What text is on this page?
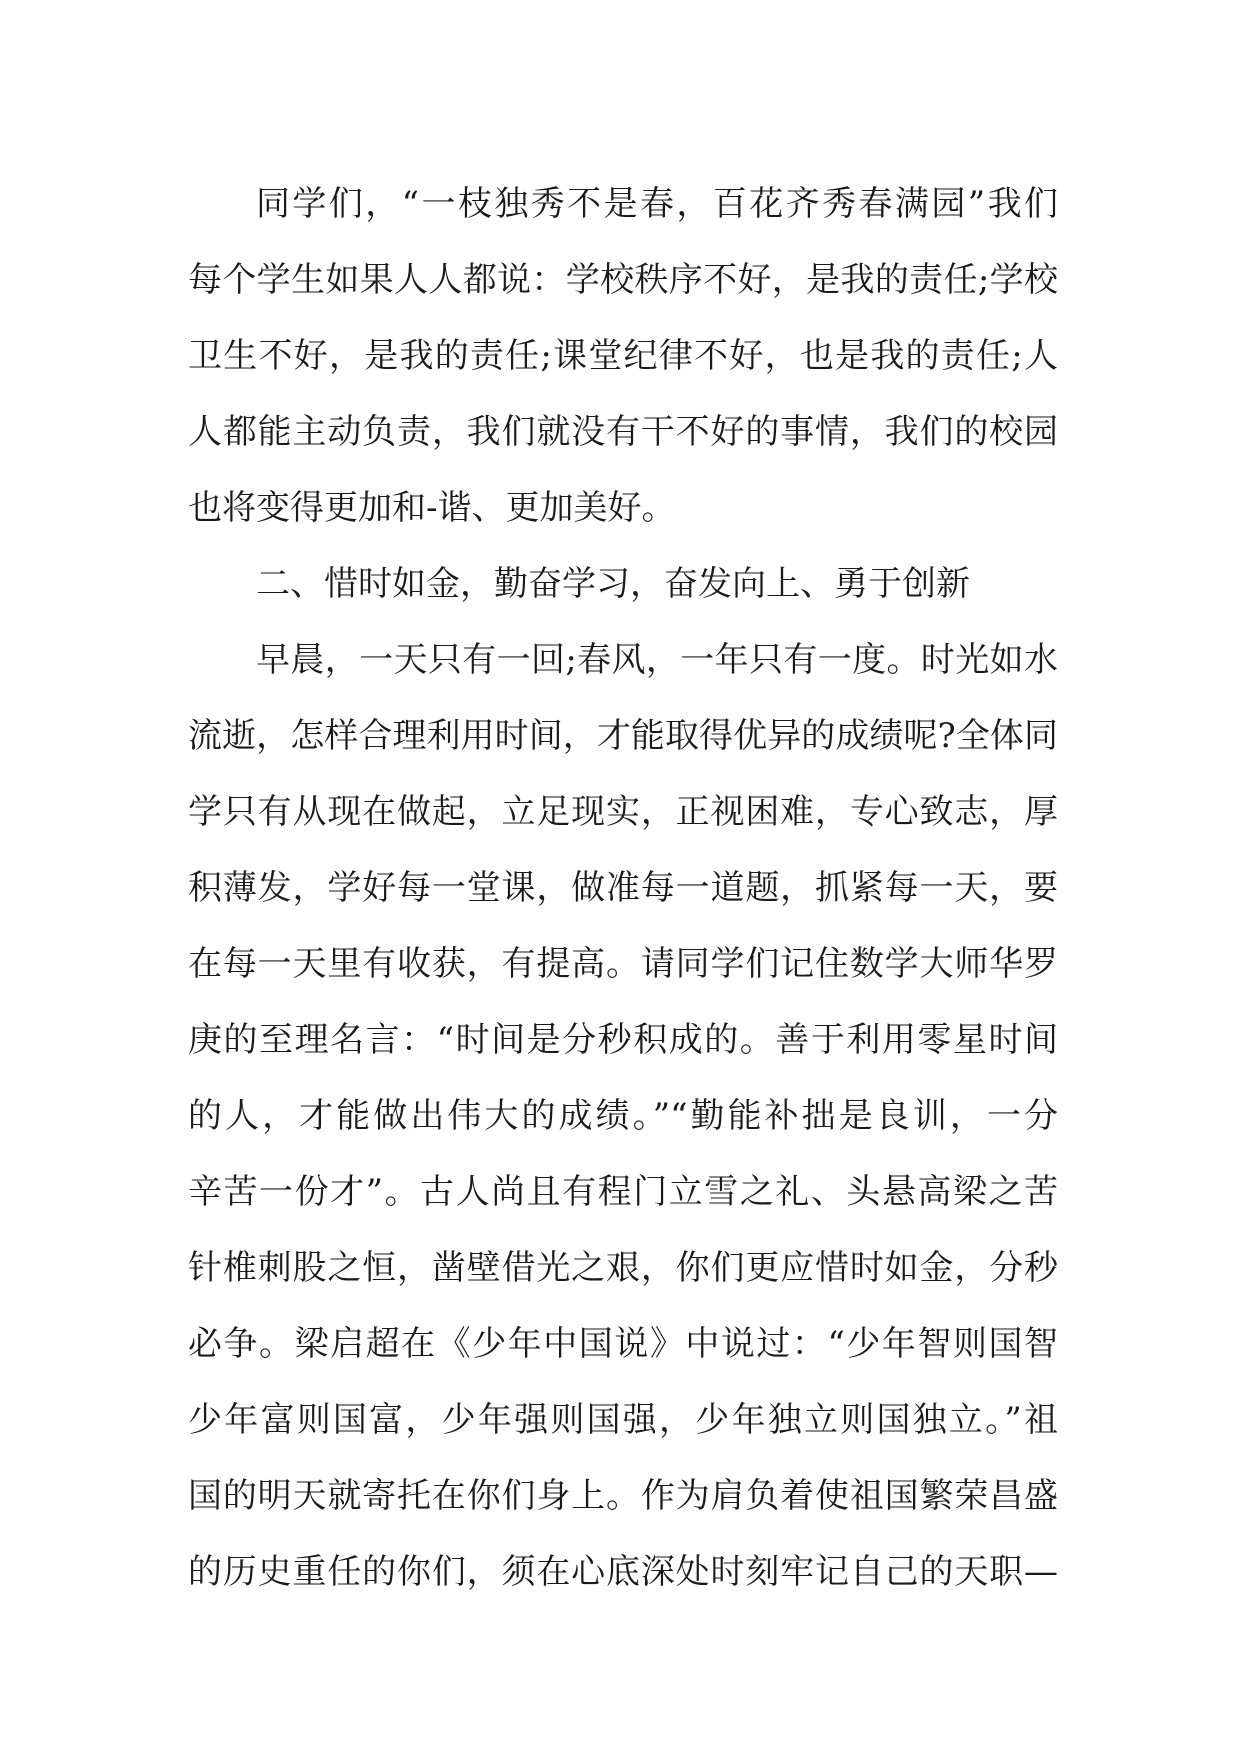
同学们，“一枝独秀不是春，百花齐秀春满园”我们
每个学生如果人人都说：学校秩序不好，是我的责任;学校
卫生不好，是我的责任;课堂纪律不好，也是我的责任;人
人都能主动负责，我们就没有干不好的事情，我们的校园
也将变得更加和-谐、更加美好。
二、惜时如金，勤奋学习，奋发向上、勇于创新
早晨，一天只有一回;春风，一年只有一度。时光如水
流逝，怎样合理利用时间，才能取得优异的成绩呢?全体同
学只有从现在做起，立足现实，正视困难，专心致志，厚
积薄发，学好每一堂课，做准每一道题，抓紧每一天，要
在每一天里有收获，有提高。请同学们记住数学大师华罗
庚的至理名言：“时间是分秒积成的。善于利用零星时间
的人，才能做出伟大的成绩。”“勤能补拙是良训，一分
辛苦一份才”。古人尚且有程门立雪之礼、头悬高梁之苦
针椎刺股之恒，凿壁借光之艰，你们更应惜时如金，分秒
必争。梁启超在《少年中国说》中说过：“少年智则国智
少年富则国富，少年强则国强，少年独立则国独立。”祖
国的明天就寄托在你们身上。作为肩负着使祖国繁荣昌盛
的历史重任的你们，须在心底深处时刻牢记自己的天职—
